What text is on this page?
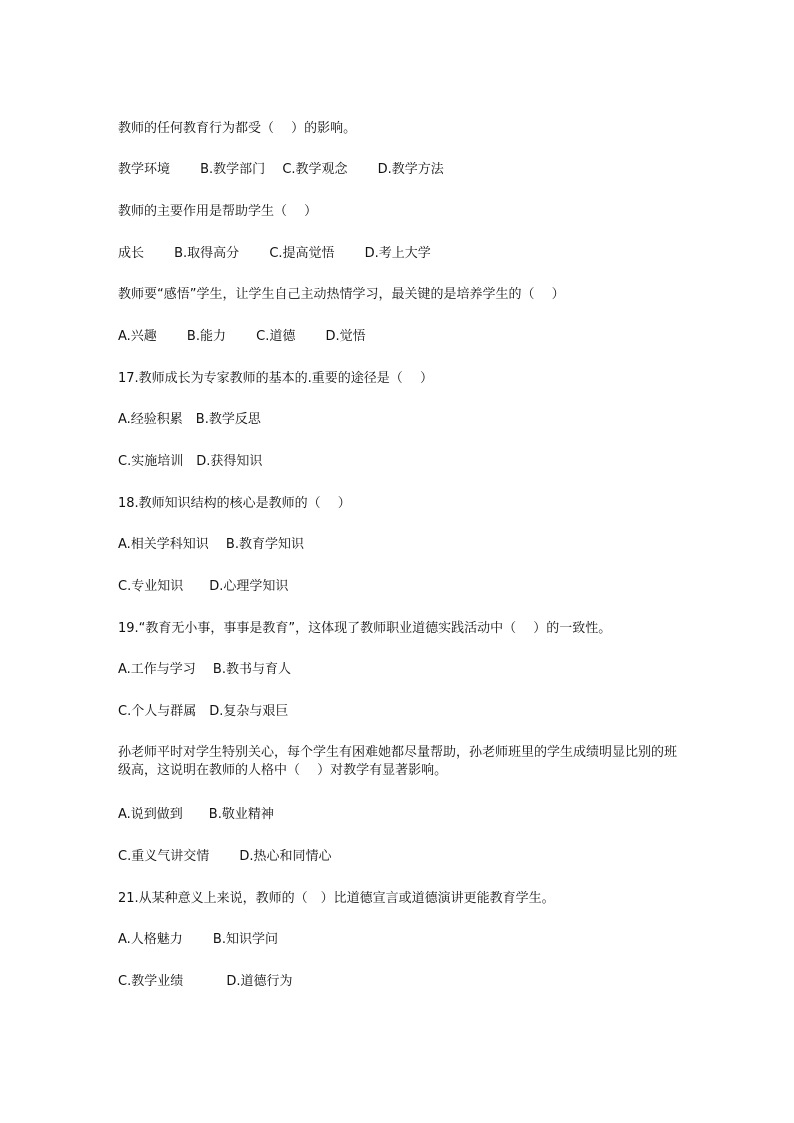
教师的任何教育行为都受（　 ）的影响。
教学环境　　 B.教学部门　 C.教学观念　　 D.教学方法
教师的主要作用是帮助学生（　 ）
成长　　 B.取得高分　　 C.提高觉悟　　 D.考上大学
教师要“感悟”学生，让学生自己主动热情学习，最关键的是培养学生的（　 ）
A.兴趣　　 B.能力　　 C.道德　　 D.觉悟
17.教师成长为专家教师的基本的.重要的途径是（　 ）
A.经验积累　B.教学反思
C.实施培训　D.获得知识
18.教师知识结构的核心是教师的（　 ）
A.相关学科知识　 B.教育学知识
C.专业知识　　D.心理学知识
19.“教育无小事，事事是教育”，这体现了教师职业道德实践活动中（　 ）的一致性。
A.工作与学习　 B.教书与育人
C.个人与群属　D.复杂与艰巨
孙老师平时对学生特别关心，每个学生有困难她都尽量帮助，孙老师班里的学生成绩明显比别的班级高，这说明在教师的人格中（　 ）对教学有显著影响。
A.说到做到　　B.敬业精神
C.重义气讲交情　　 D.热心和同情心
21.从某种意义上来说，教师的（　）比道德宣言或道德演讲更能教育学生。
A.人格魅力　　 B.知识学问
C.教学业绩　　　 D.道德行为
